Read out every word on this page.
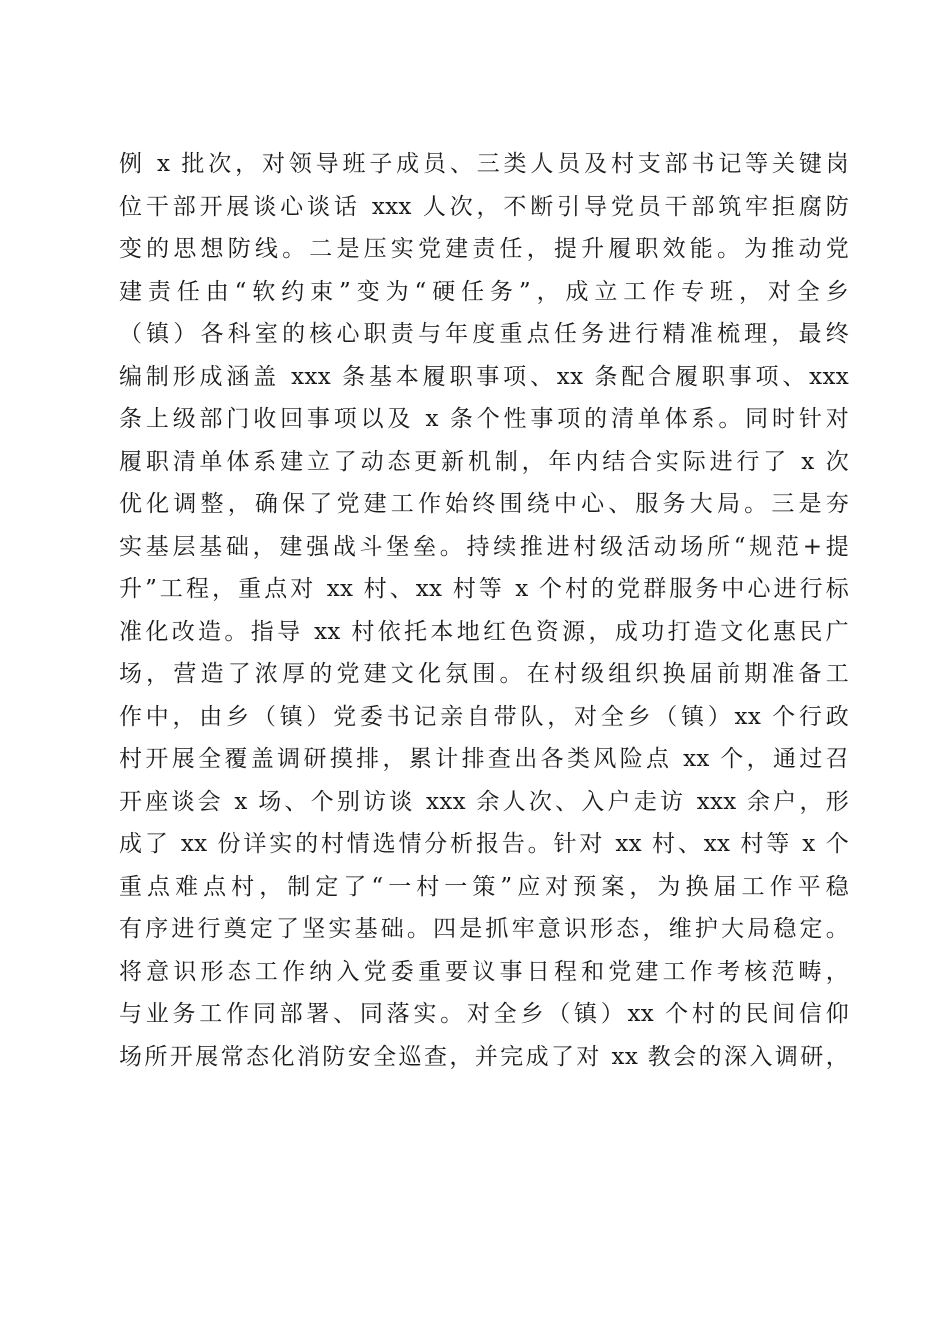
例 x 批次，对领导班子成员、三类人员及村支部书记等关键岗
位干部开展谈心谈话 xxx 人次，不断引导党员干部筑牢拒腐防
变的思想防线。二是压实党建责任，提升履职效能。为推动党
建责任由“软约束”变为“硬任务”，成立工作专班，对全乡
（镇）各科室的核心职责与年度重点任务进行精准梳理，最终
编制形成涵盖 xxx 条基本履职事项、xx 条配合履职事项、xxx
条上级部门收回事项以及 x 条个性事项的清单体系。同时针对
履职清单体系建立了动态更新机制，年内结合实际进行了 x 次
优化调整，确保了党建工作始终围绕中心、服务大局。三是夯
实基层基础，建强战斗堡垒。持续推进村级活动场所“规范+提
升”工程，重点对 xx 村、xx 村等 x 个村的党群服务中心进行标
准化改造。指导 xx 村依托本地红色资源，成功打造文化惠民广
场，营造了浓厚的党建文化氛围。在村级组织换届前期准备工
作中，由乡（镇）党委书记亲自带队，对全乡（镇）xx 个行政
村开展全覆盖调研摸排，累计排查出各类风险点 xx 个，通过召
开座谈会 x 场、个别访谈 xxx 余人次、入户走访 xxx 余户，形
成了 xx 份详实的村情选情分析报告。针对 xx 村、xx 村等 x 个
重点难点村，制定了“一村一策”应对预案，为换届工作平稳
有序进行奠定了坚实基础。四是抓牢意识形态，维护大局稳定。
将意识形态工作纳入党委重要议事日程和党建工作考核范畴，
与业务工作同部署、同落实。对全乡（镇）xx 个村的民间信仰
场所开展常态化消防安全巡查，并完成了对 xx 教会的深入调研，
